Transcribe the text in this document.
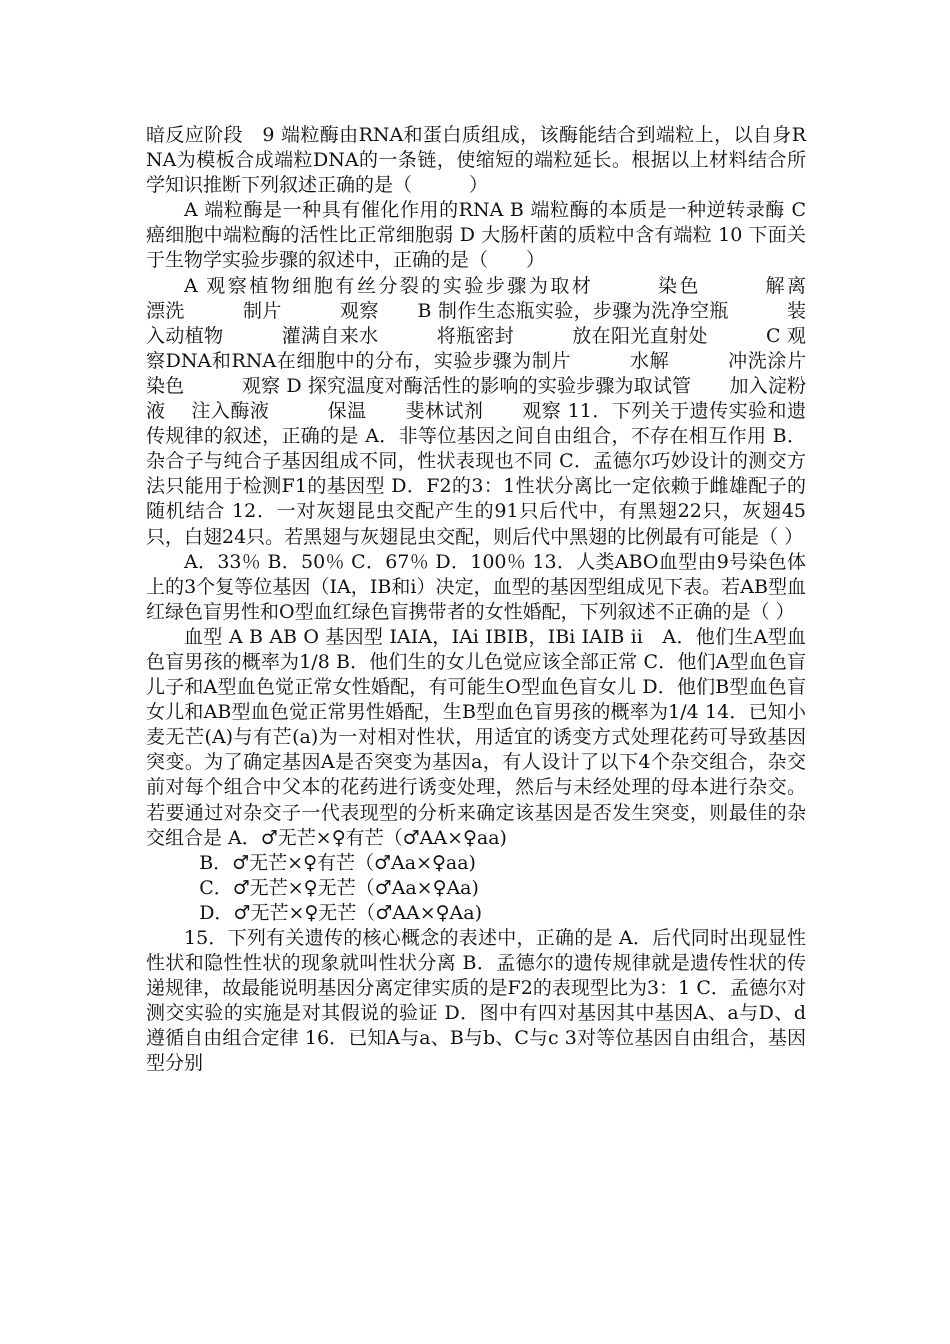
暗反应阶段　9 端粒酶由RNA和蛋白质组成，该酶能结合到端粒上，以自身RNA为模板合成端粒DNA的一条链，使缩短的端粒延长。根据以上材料结合所学知识推断下列叙述正确的是（　　　）

A 端粒酶是一种具有催化作用的RNA B 端粒酶的本质是一种逆转录酶 C 癌细胞中端粒酶的活性比正常细胞弱 D 大肠杆菌的质粒中含有端粒 10 下面关于生物学实验步骤的叙述中，正确的是（　　）

A 观察植物细胞有丝分裂的实验步骤为取材　　　染色　　　解离　　　漂洗　　　制片　　　观察　　B 制作生态瓶实验，步骤为洗净空瓶　　　装入动植物　　　灌满自来水　　　将瓶密封　　　放在阳光直射处　　　C 观察DNA和RNA在细胞中的分布，实验步骤为制片　　　水解　　　冲洗涂片　　　染色　　　观察 D 探究温度对酶活性的影响的实验步骤为取试管　　加入淀粉液　 注入酶液　　　保温　　斐林试剂　　观察 11．下列关于遗传实验和遗传规律的叙述，正确的是 A．非等位基因之间自由组合，不存在相互作用 B．杂合子与纯合子基因组成不同，性状表现也不同 C．孟德尔巧妙设计的测交方法只能用于检测F1的基因型 D．F2的3：1性状分离比一定依赖于雌雄配子的随机结合 12．一对灰翅昆虫交配产生的91只后代中，有黑翅22只，灰翅45只，白翅24只。若黑翅与灰翅昆虫交配，则后代中黑翅的比例最有可能是（ ）

A．33％ B．50％ C．67％ D．100％ 13．人类ABO血型由9号染色体上的3个复等位基因（IA，IB和i）决定，血型的基因型组成见下表。若AB型血红绿色盲男性和O型血红绿色盲携带者的女性婚配，下列叙述不正确的是（ ）

血型 A B AB O 基因型 IAIA，IAi IBIB，IBi IAIB ii　A．他们生A型血色盲男孩的概率为1/8 B．他们生的女儿色觉应该全部正常 C．他们A型血色盲儿子和A型血色觉正常女性婚配，有可能生O型血色盲女儿 D．他们B型血色盲女儿和AB型血色觉正常男性婚配，生B型血色盲男孩的概率为1/4 14．已知小麦无芒(A)与有芒(a)为一对相对性状，用适宜的诱变方式处理花药可导致基因突变。为了确定基因A是否突变为基因a，有人设计了以下4个杂交组合，杂交前对每个组合中父本的花药进行诱变处理，然后与未经处理的母本进行杂交。若要通过对杂交子一代表现型的分析来确定该基因是否发生突变，则最佳的杂交组合是 A．♂无芒×♀有芒（♂AA×♀aa)

B．♂无芒×♀有芒（♂Aa×♀aa)

C．♂无芒×♀无芒（♂Aa×♀Aa)

D．♂无芒×♀无芒（♂AA×♀Aa)

15．下列有关遗传的核心概念的表述中，正确的是 A．后代同时出现显性性状和隐性性状的现象就叫性状分离 B．孟德尔的遗传规律就是遗传性状的传递规律，故最能说明基因分离定律实质的是F2的表现型比为3：1 C．孟德尔对测交实验的实施是对其假说的验证 D．图中有四对基因其中基因A、a与D、d遵循自由组合定律 16．已知A与a、B与b、C与c 3对等位基因自由组合，基因型分别
